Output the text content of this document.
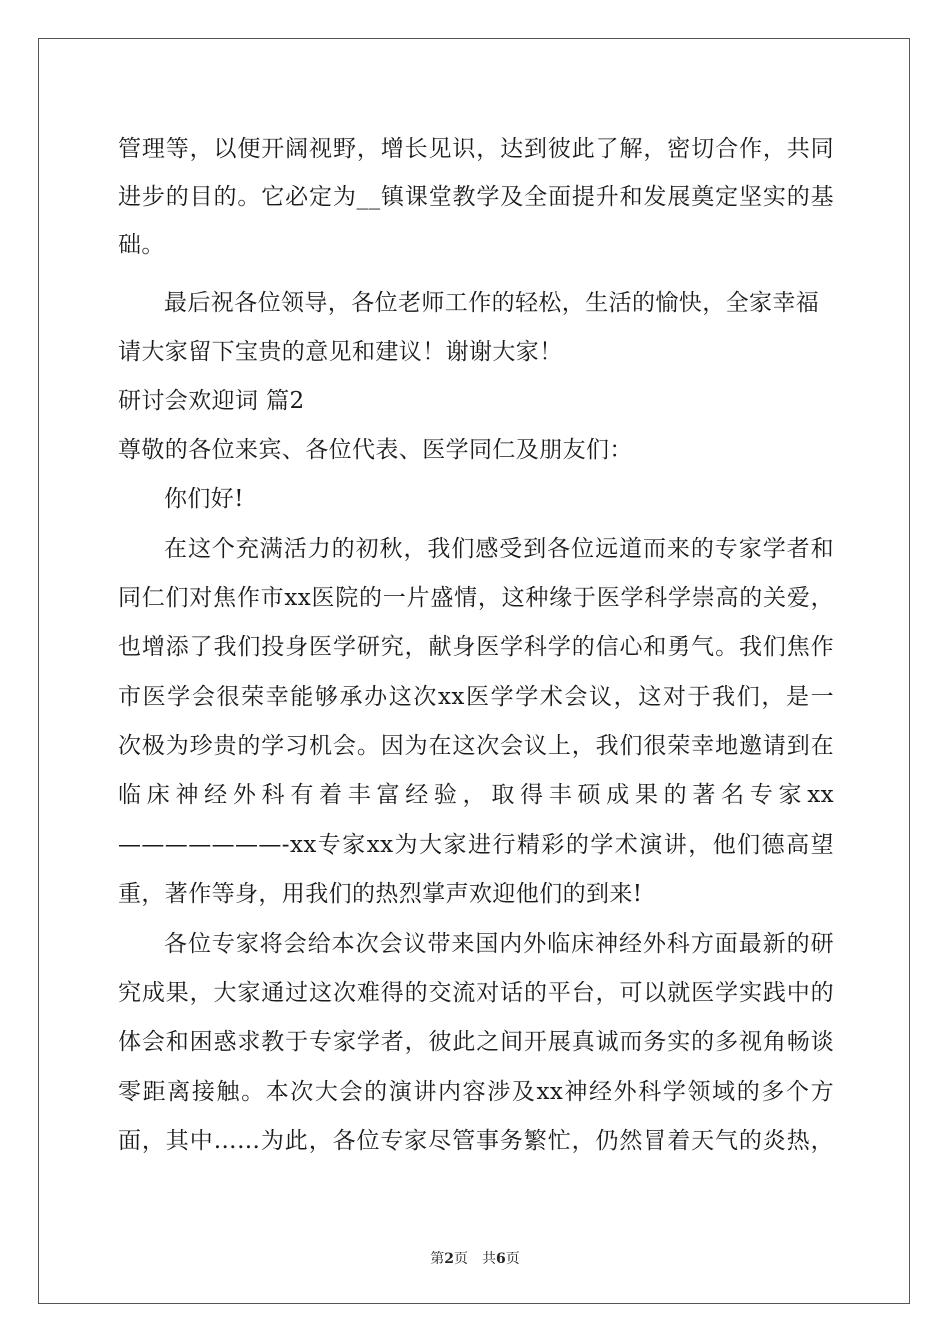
管理等，以便开阔视野，增长见识，达到彼此了解，密切合作，共同

进步的目的。它必定为__镇课堂教学及全面提升和发展奠定坚实的基

础。

最后祝各位领导，各位老师工作的轻松，生活的愉快，全家幸福

请大家留下宝贵的意见和建议！谢谢大家！

研讨会欢迎词 篇2

尊敬的各位来宾、各位代表、医学同仁及朋友们：

你们好!

在这个充满活力的初秋，我们感受到各位远道而来的专家学者和

同仁们对焦作市xx医院的一片盛情，这种缘于医学科学崇高的关爱，

也增添了我们投身医学研究，献身医学科学的信心和勇气。我们焦作

市医学会很荣幸能够承办这次xx医学学术会议，这对于我们，是一

次极为珍贵的学习机会。因为在这次会议上，我们很荣幸地邀请到在

临床神经外科有着丰富经验，取得丰硕成果的著名专家xx

———————-xx专家xx为大家进行精彩的学术演讲，他们德高望

重，著作等身，用我们的热烈掌声欢迎他们的到来!

各位专家将会给本次会议带来国内外临床神经外科方面最新的研

究成果，大家通过这次难得的交流对话的平台，可以就医学实践中的

体会和困惑求教于专家学者，彼此之间开展真诚而务实的多视角畅谈

零距离接触。本次大会的演讲内容涉及xx神经外科学领域的多个方

面，其中……为此，各位专家尽管事务繁忙，仍然冒着天气的炎热，

第2页 共6页
